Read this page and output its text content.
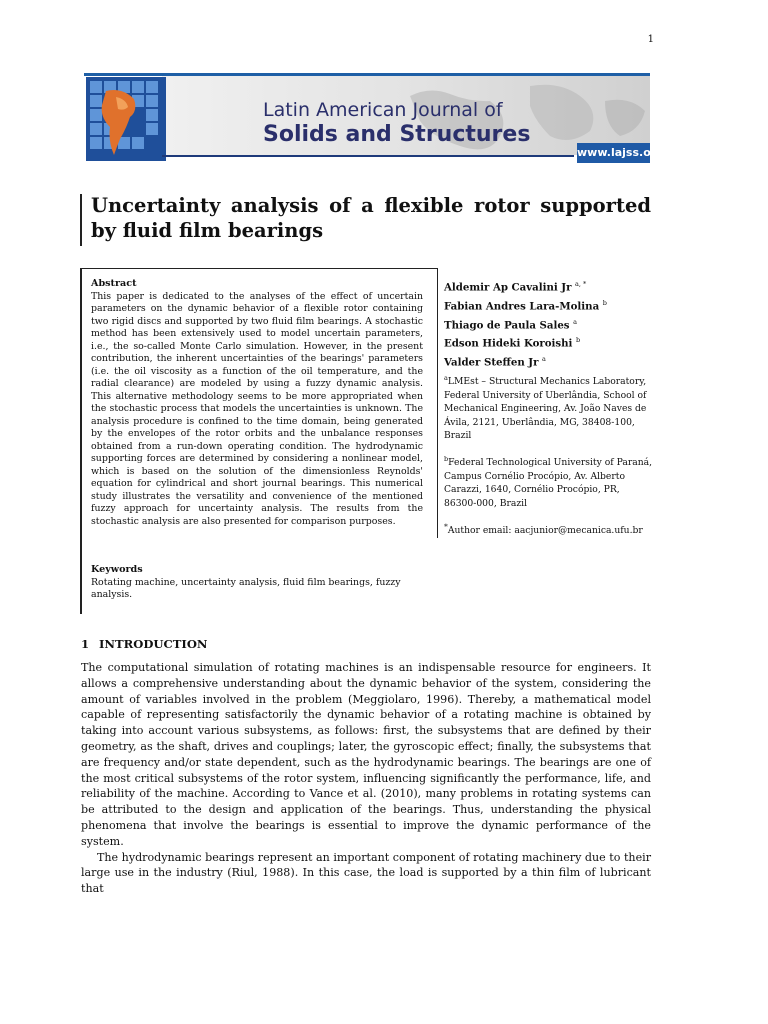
1
Latin American Journal of
Solids and Structures
www.lajss.org
Uncertainty analysis of a flexible rotor supported by fluid film bearings

Abstract

This paper is dedicated to the analyses of the effect of uncertain parameters on the dynamic behavior of a flexible rotor containing two rigid discs and supported by two fluid film bearings. A stochastic method has been extensively used to model uncertain parameters, i.e., the so-called Monte Carlo simulation. However, in the present contribution, the inherent uncertainties of the bearings' parameters (i.e. the oil viscosity as a function of the oil temperature, and the radial clearance) are modeled by using a fuzzy dynamic analysis. This alternative methodology seems to be more appropriated when the stochastic process that models the uncertainties is unknown. The analysis procedure is confined to the time domain, being generated by the envelopes of the rotor orbits and the unbalance responses obtained from a run-down operating condition. The hydrodynamic supporting forces are determined by considering a nonlinear model, which is based on the solution of the dimensionless Reynolds' equation for cylindrical and short journal bearings. This numerical study illustrates the versatility and convenience of the mentioned fuzzy approach for uncertainty analysis. The results from the stochastic analysis are also presented for comparison purposes.

Keywords

Rotating machine, uncertainty analysis, fluid film bearings, fuzzy analysis.

Aldemir Ap Cavalini Jr $^{a, *}$
Fabian Andres Lara-Molina $^b$
Thiago de Paula Sales $^a$
Edson Hideki Koroishi $^b$
Valder Steffen Jr $^a$

$^a$LMEst – Structural Mechanics Laboratory, Federal University of Uberlândia, School of Mechanical Engineering, Av. João Naves de Ávila, 2121, Uberlândia, MG, 38408-100, Brazil

$^b$Federal Technological University of Paraná, Campus Cornélio Procópio, Av. Alberto Carazzi, 1640, Cornélio Procópio, PR, 86300-000, Brazil

*Author email: aacjunior@mecanica.ufu.br

1 INTRODUCTION

The computational simulation of rotating machines is an indispensable resource for engineers. It allows a comprehensive understanding about the dynamic behavior of the system, considering the amount of variables involved in the problem (Meggiolaro, 1996). Thereby, a mathematical model capable of representing satisfactorily the dynamic behavior of a rotating machine is obtained by taking into account various subsystems, as follows: first, the subsystems that are defined by their geometry, as the shaft, drives and couplings; later, the gyroscopic effect; finally, the subsystems that are frequency and/or state dependent, such as the hydrodynamic bearings. The bearings are one of the most critical subsystems of the rotor system, influencing significantly the performance, life, and reliability of the machine. According to Vance et al. (2010), many problems in rotating systems can be attributed to the design and application of the bearings. Thus, understanding the physical phenomena that involve the bearings is essential to improve the dynamic performance of the system.

The hydrodynamic bearings represent an important component of rotating machinery due to their large use in the industry (Riul, 1988). In this case, the load is supported by a thin film of lubricant that
